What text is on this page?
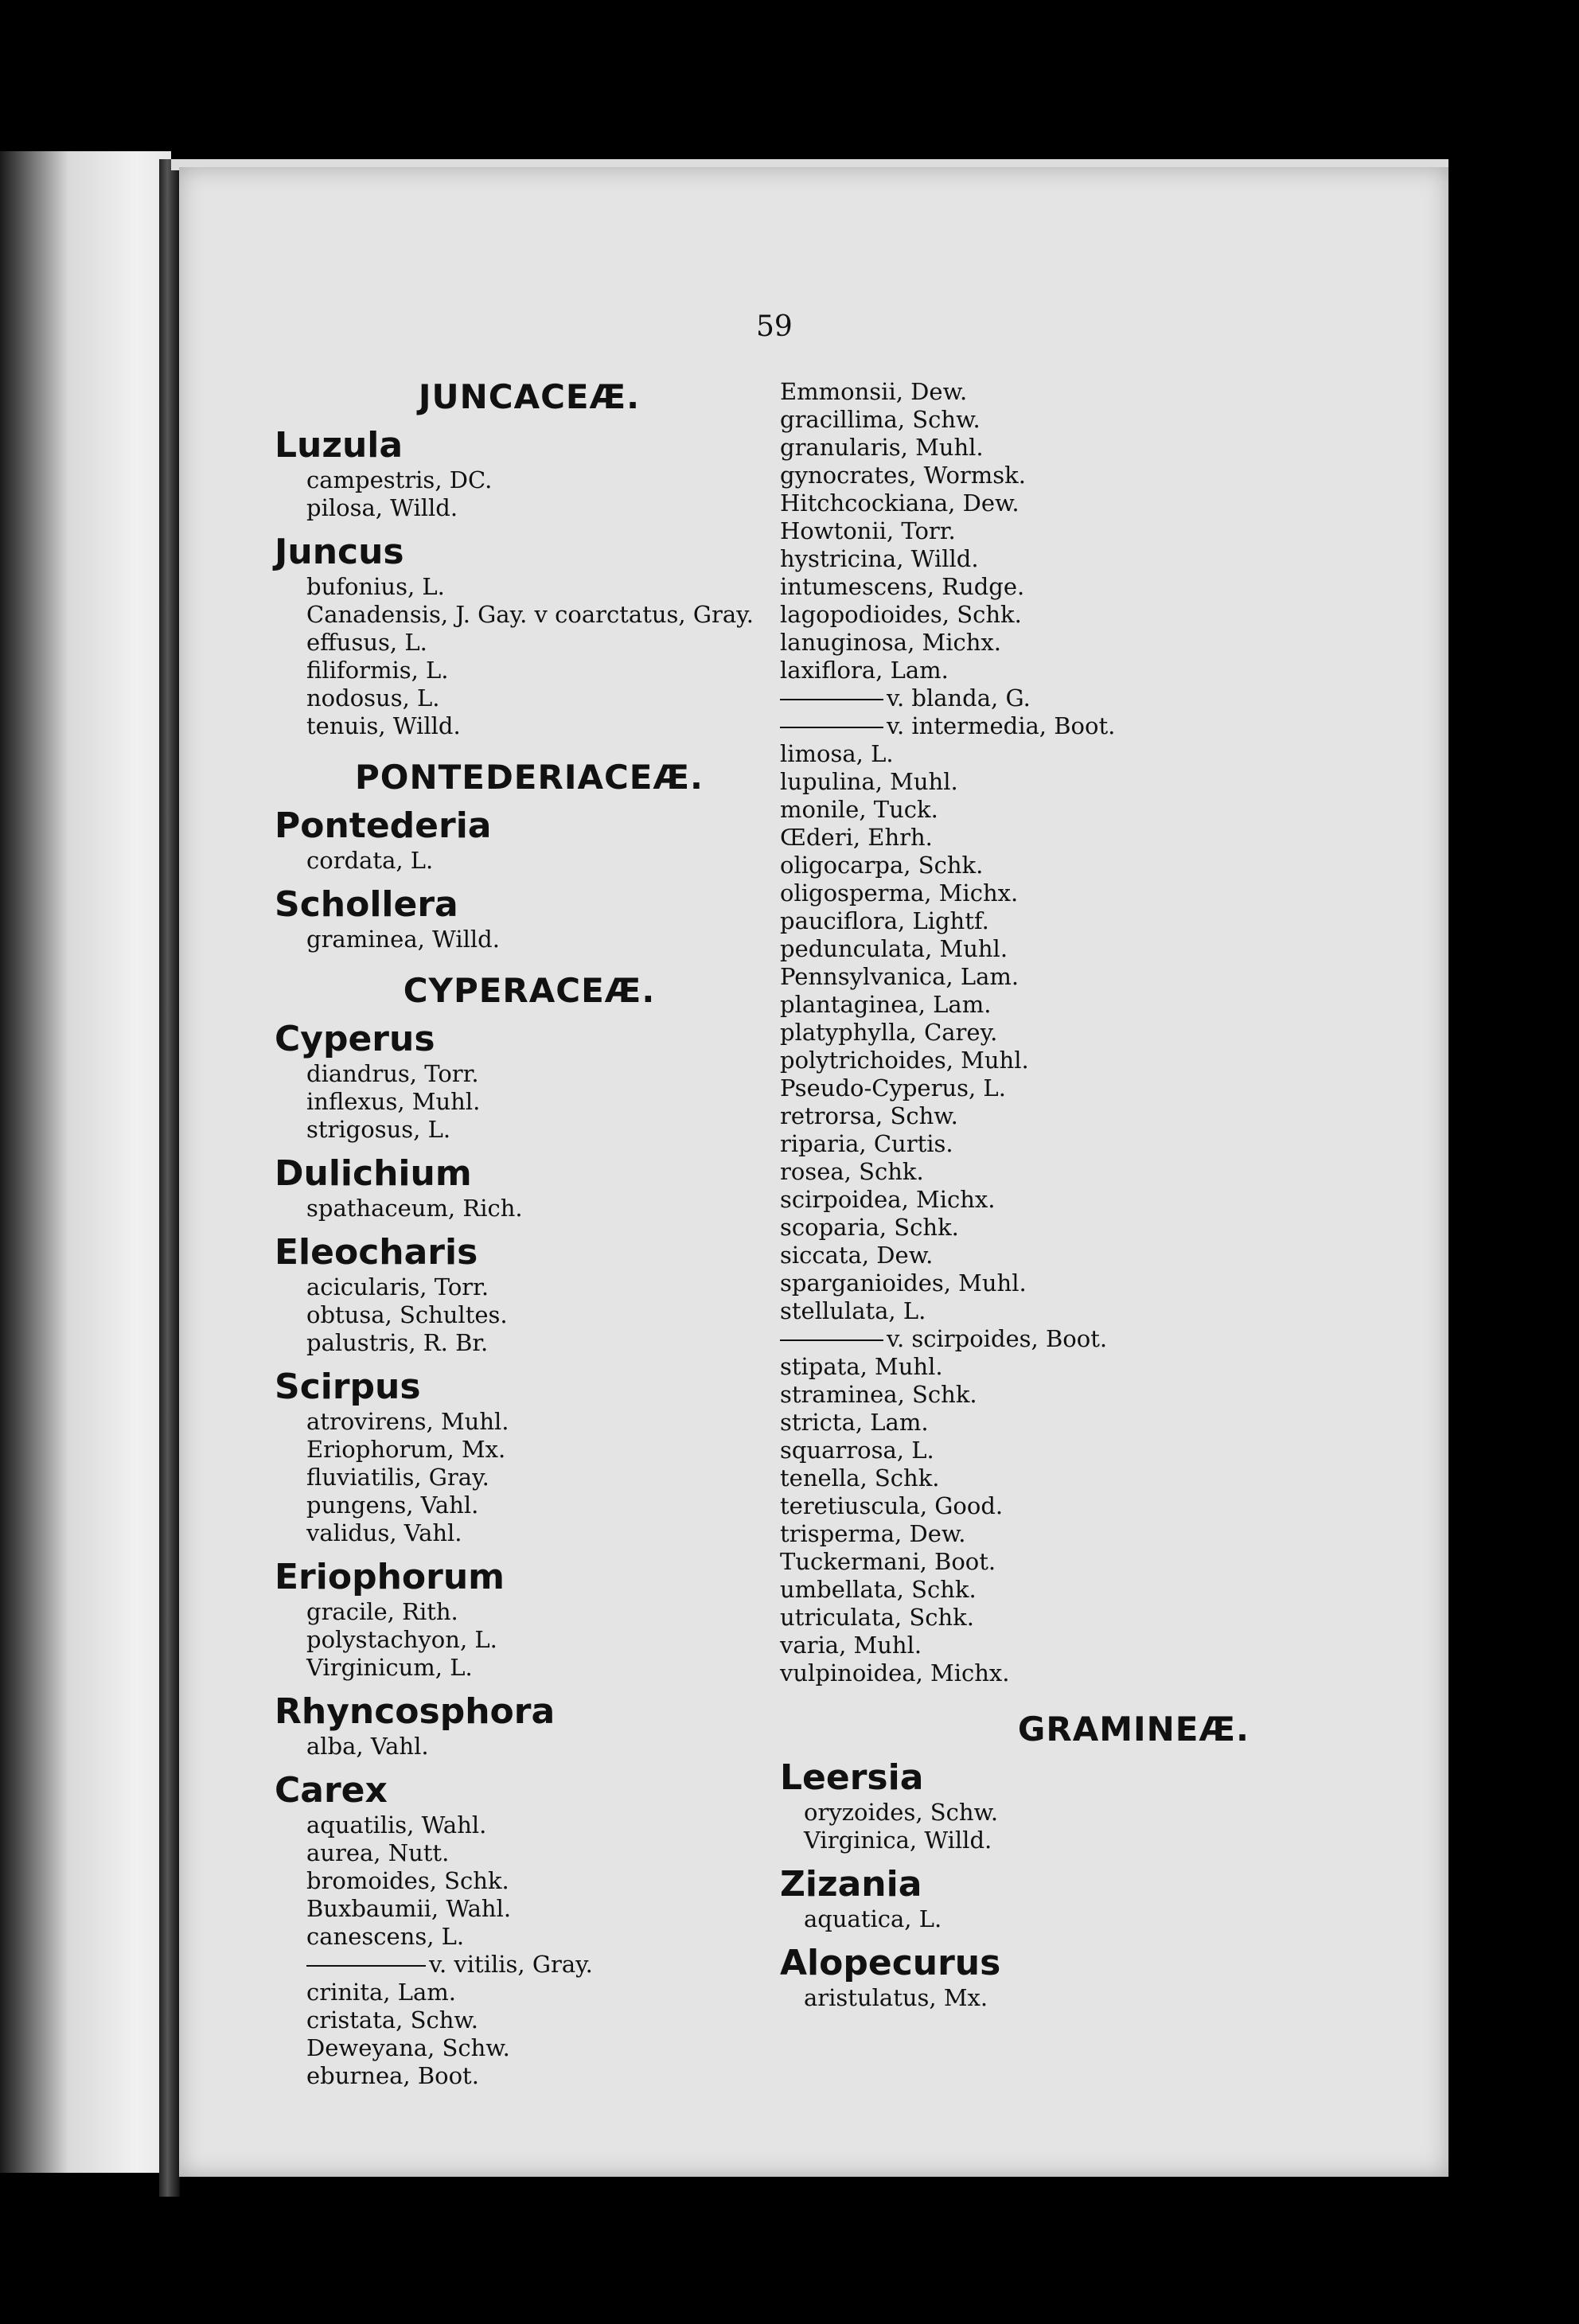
59
JUNCACEÆ.
Luzula
campestris, DC.
pilosa, Willd.
Juncus
bufonius, L.
Canadensis, J. Gay. v coarctatus, Gray.
effusus, L.
filiformis, L.
nodosus, L.
tenuis, Willd.
PONTEDERIACEÆ.
Pontederia
cordata, L.
Schollera
graminea, Willd.
CYPERACEÆ.
Cyperus
diandrus, Torr.
inflexus, Muhl.
strigosus, L.
Dulichium
spathaceum, Rich.
Eleocharis
acicularis, Torr.
obtusa, Schultes.
palustris, R. Br.
Scirpus
atrovirens, Muhl.
Eriophorum, Mx.
fluviatilis, Gray.
pungens, Vahl.
validus, Vahl.
Eriophorum
gracile, Rith.
polystachyon, L.
Virginicum, L.
Rhyncosphora
alba, Vahl.
Carex
aquatilis, Wahl.
aurea, Nutt.
bromoides, Schk.
Buxbaumii, Wahl.
canescens, L.
v. vitilis, Gray.
crinita, Lam.
cristata, Schw.
Deweyana, Schw.
eburnea, Boot.
Emmonsii, Dew.
gracillima, Schw.
granularis, Muhl.
gynocrates, Wormsk.
Hitchcockiana, Dew.
Howtonii, Torr.
hystricina, Willd.
intumescens, Rudge.
lagopodioides, Schk.
lanuginosa, Michx.
laxiflora, Lam.
v. blanda, G.
v. intermedia, Boot.
limosa, L.
lupulina, Muhl.
monile, Tuck.
Œderi, Ehrh.
oligocarpa, Schk.
oligosperma, Michx.
pauciflora, Lightf.
pedunculata, Muhl.
Pennsylvanica, Lam.
plantaginea, Lam.
platyphylla, Carey.
polytrichoides, Muhl.
Pseudo-Cyperus, L.
retrorsa, Schw.
riparia, Curtis.
rosea, Schk.
scirpoidea, Michx.
scoparia, Schk.
siccata, Dew.
sparganioides, Muhl.
stellulata, L.
v. scirpoides, Boot.
stipata, Muhl.
straminea, Schk.
stricta, Lam.
squarrosa, L.
tenella, Schk.
teretiuscula, Good.
trisperma, Dew.
Tuckermani, Boot.
umbellata, Schk.
utriculata, Schk.
varia, Muhl.
vulpinoidea, Michx.
GRAMINEÆ.
Leersia
oryzoides, Schw.
Virginica, Willd.
Zizania
aquatica, L.
Alopecurus
aristulatus, Mx.
